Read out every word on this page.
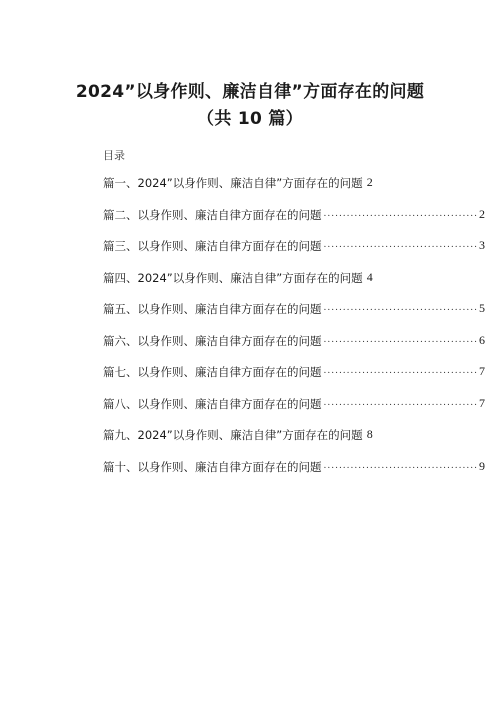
2024”以身作则、廉洁自律”方面存在的问题
（共 10 篇）
目录
篇一、2024”以身作则、廉洁自律”方面存在的问题 2
篇二、以身作则、廉洁自律方面存在的问题 ........................................ 2
篇三、以身作则、廉洁自律方面存在的问题 ........................................ 3
篇四、2024”以身作则、廉洁自律”方面存在的问题 4
篇五、以身作则、廉洁自律方面存在的问题 ........................................ 5
篇六、以身作则、廉洁自律方面存在的问题 ........................................ 6
篇七、以身作则、廉洁自律方面存在的问题 ........................................ 7
篇八、以身作则、廉洁自律方面存在的问题 ........................................ 7
篇九、2024”以身作则、廉洁自律”方面存在的问题 8
篇十、以身作则、廉洁自律方面存在的问题 ........................................ 9
